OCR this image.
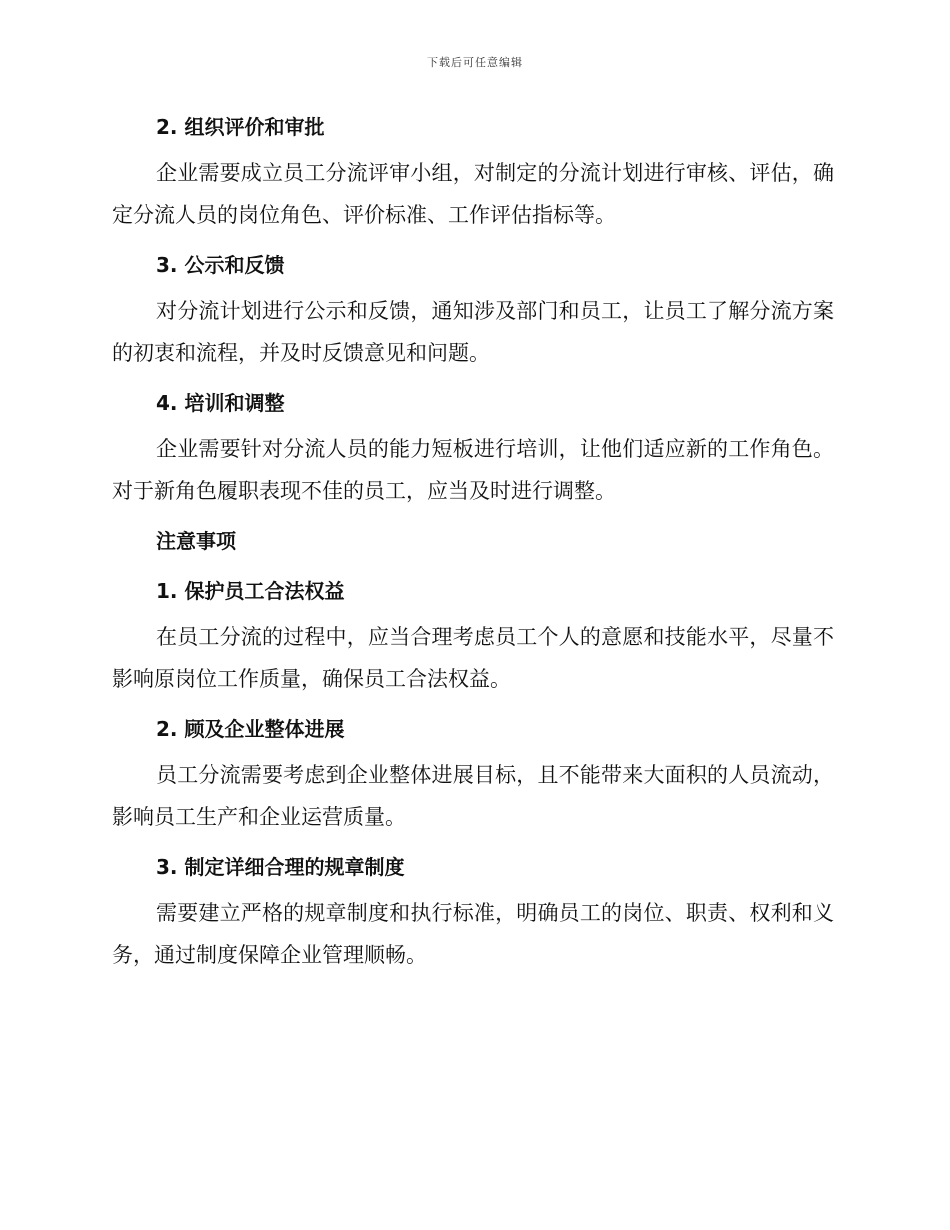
下载后可任意编辑
2. 组织评价和审批

企业需要成立员工分流评审小组，对制定的分流计划进行审核、评估，确定分流人员的岗位角色、评价标准、工作评估指标等。

3. 公示和反馈

对分流计划进行公示和反馈，通知涉及部门和员工，让员工了解分流方案的初衷和流程，并及时反馈意见和问题。

4. 培训和调整

企业需要针对分流人员的能力短板进行培训，让他们适应新的工作角色。对于新角色履职表现不佳的员工，应当及时进行调整。

注意事项
1. 保护员工合法权益

在员工分流的过程中，应当合理考虑员工个人的意愿和技能水平，尽量不影响原岗位工作质量，确保员工合法权益。

2. 顾及企业整体进展

员工分流需要考虑到企业整体进展目标，且不能带来大面积的人员流动，影响员工生产和企业运营质量。

3. 制定详细合理的规章制度

需要建立严格的规章制度和执行标准，明确员工的岗位、职责、权利和义务，通过制度保障企业管理顺畅。
